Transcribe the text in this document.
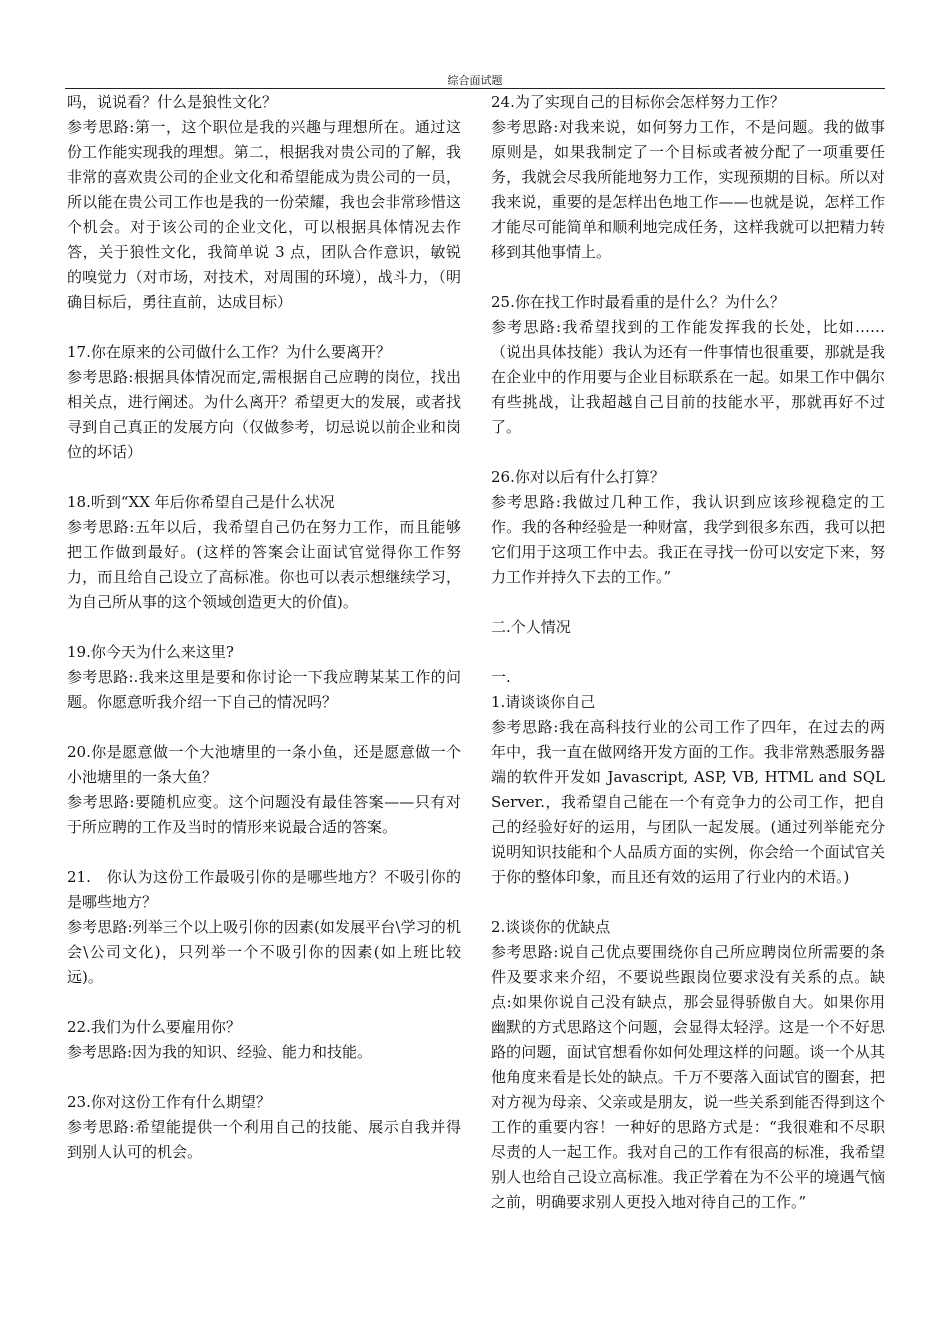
综合面试题

吗，说说看？什么是狼性文化？

参考思路:第一，这个职位是我的兴趣与理想所在。通过这份工作能实现我的理想。第二，根据我对贵公司的了解，我非常的喜欢贵公司的企业文化和希望能成为贵公司的一员，所以能在贵公司工作也是我的一份荣耀，我也会非常珍惜这个机会。对于该公司的企业文化，可以根据具体情况去作答，关于狼性文化，我简单说 3 点，团队合作意识，敏锐的嗅觉力（对市场，对技术，对周围的环境），战斗力，（明确目标后，勇往直前，达成目标）

17.你在原来的公司做什么工作？为什么要离开？

参考思路:根据具体情况而定,需根据自己应聘的岗位，找出相关点，进行阐述。为什么离开？希望更大的发展，或者找寻到自己真正的发展方向（仅做参考，切忌说以前企业和岗位的坏话）

18.听到“XX 年后你希望自己是什么状况

参考思路:五年以后，我希望自己仍在努力工作，而且能够把工作做到最好。(这样的答案会让面试官觉得你工作努力，而且给自己设立了高标准。你也可以表示想继续学习，为自己所从事的这个领域创造更大的价值)。

19.你今天为什么来这里?

参考思路:.我来这里是要和你讨论一下我应聘某某工作的问题。你愿意听我介绍一下自己的情况吗？

20.你是愿意做一个大池塘里的一条小鱼，还是愿意做一个小池塘里的一条大鱼？

参考思路:要随机应变。这个问题没有最佳答案——只有对于所应聘的工作及当时的情形来说最合适的答案。

21.　你认为这份工作最吸引你的是哪些地方？不吸引你的是哪些地方？

参考思路:列举三个以上吸引你的因素(如发展平台\学习的机会\公司文化)，只列举一个不吸引你的因素(如上班比较远)。

22.我们为什么要雇用你？

参考思路:因为我的知识、经验、能力和技能。

23.你对这份工作有什么期望？

参考思路:希望能提供一个利用自己的技能、展示自我并得到别人认可的机会。

24.为了实现自己的目标你会怎样努力工作？

参考思路:对我来说，如何努力工作，不是问题。我的做事原则是，如果我制定了一个目标或者被分配了一项重要任务，我就会尽我所能地努力工作，实现预期的目标。所以对我来说，重要的是怎样出色地工作——也就是说，怎样工作才能尽可能简单和顺利地完成任务，这样我就可以把精力转移到其他事情上。

25.你在找工作时最看重的是什么？为什么？

参考思路:我希望找到的工作能发挥我的长处，比如……（说出具体技能）我认为还有一件事情也很重要，那就是我在企业中的作用要与企业目标联系在一起。如果工作中偶尔有些挑战，让我超越自己目前的技能水平，那就再好不过了。

26.你对以后有什么打算？

参考思路:我做过几种工作，我认识到应该珍视稳定的工作。我的各种经验是一种财富，我学到很多东西，我可以把它们用于这项工作中去。我正在寻找一份可以安定下来，努力工作并持久下去的工作。”

二.个人情况

一.

1.请谈谈你自己

参考思路:我在高科技行业的公司工作了四年，在过去的两年中，我一直在做网络开发方面的工作。我非常熟悉服务器端的软件开发如 Javascript, ASP, VB, HTML and SQL Server.，我希望自己能在一个有竞争力的公司工作，把自己的经验好好的运用，与团队一起发展。(通过列举能充分说明知识技能和个人品质方面的实例，你会给一个面试官关于你的整体印象，而且还有效的运用了行业内的术语。)

2.谈谈你的优缺点

参考思路:说自己优点要围绕你自己所应聘岗位所需要的条件及要求来介绍，不要说些跟岗位要求没有关系的点。缺点:如果你说自己没有缺点，那会显得骄傲自大。如果你用幽默的方式思路这个问题，会显得太轻浮。这是一个不好思路的问题，面试官想看你如何处理这样的问题。谈一个从其他角度来看是长处的缺点。千万不要落入面试官的圈套，把对方视为母亲、父亲或是朋友，说一些关系到能否得到这个工作的重要内容！一种好的思路方式是：“我很难和不尽职尽责的人一起工作。我对自己的工作有很高的标准，我希望别人也给自己设立高标准。我正学着在为不公平的境遇气恼之前，明确要求别人更投入地对待自己的工作。”
